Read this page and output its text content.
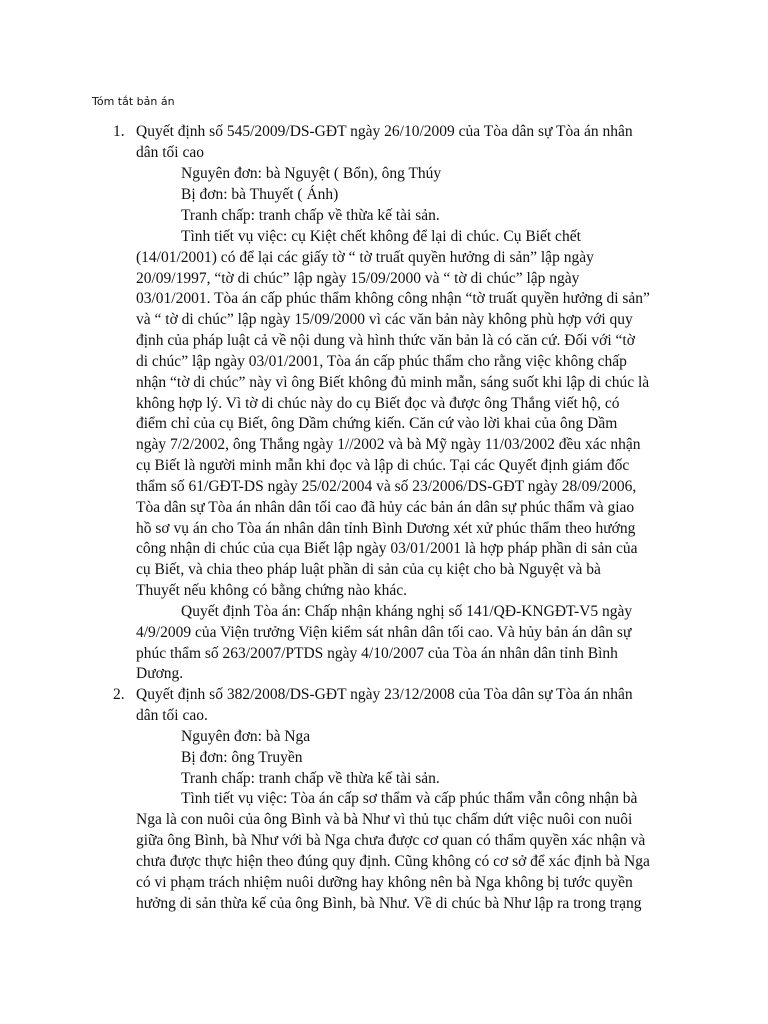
Tóm tắt bản án
1. Quyết định số 545/2009/DS-GĐT ngày 26/10/2009 của Tòa dân sự Tòa án nhân
dân tối cao
Nguyên đơn: bà Nguyệt ( Bổn), ông Thúy
Bị đơn: bà Thuyết ( Ánh)
Tranh chấp: tranh chấp về thừa kế tài sản.
Tình tiết vụ việc: cụ Kiệt chết không để lại di chúc. Cụ Biết chết
(14/01/2001) có để lại các giấy tờ “ tờ truất quyền hưởng di sản” lập ngày
20/09/1997, “tờ di chúc” lập ngày 15/09/2000 và “ tờ di chúc” lập ngày
03/01/2001. Tòa án cấp phúc thẩm không công nhận “tờ truất quyền hưởng di sản”
và “ tờ di chúc” lập ngày 15/09/2000 vì các văn bản này không phù hợp với quy
định của pháp luật cả về nội dung và hình thức văn bản là có căn cứ. Đối với “tờ
di chúc” lập ngày 03/01/2001, Tòa án cấp phúc thẩm cho rằng việc không chấp
nhận “tờ di chúc” này vì ông Biết không đủ minh mẫn, sáng suốt khi lập di chúc là
không hợp lý. Vì tờ di chúc này do cụ Biết đọc và được ông Thắng viết hộ, có
điểm chỉ của cụ Biết, ông Dầm chứng kiến. Căn cứ vào lời khai của ông Dầm
ngày 7/2/2002, ông Thắng ngày 1//2002 và bà Mỹ ngày 11/03/2002 đều xác nhận
cụ Biết là người minh mẫn khi đọc và lập di chúc. Tại các Quyết định giám đốc
thẩm số 61/GĐT-DS ngày 25/02/2004 và số 23/2006/DS-GĐT ngày 28/09/2006,
Tòa dân sự Tòa án nhân dân tối cao đã hủy các bản án dân sự phúc thẩm và giao
hồ sơ vụ án cho Tòa án nhân dân tỉnh Bình Dương xét xử phúc thẩm theo hướng
công nhận di chúc của cụa Biết lập ngày 03/01/2001 là hợp pháp phần di sản của
cụ Biết, và chia theo pháp luật phần di sản của cụ kiệt cho bà Nguyệt và bà
Thuyết nếu không có bằng chứng nào khác.
Quyết định Tòa án: Chấp nhận kháng nghị số 141/QĐ-KNGĐT-V5 ngày
4/9/2009 của Viện trưởng Viện kiểm sát nhân dân tối cao. Và hủy bản án dân sự
phúc thẩm số 263/2007/PTDS ngày 4/10/2007 của Tòa án nhân dân tỉnh Bình
Dương.
2. Quyết định số 382/2008/DS-GĐT ngày 23/12/2008 của Tòa dân sự Tòa án nhân
dân tối cao.
Nguyên đơn: bà Nga
Bị đơn: ông Truyền
Tranh chấp: tranh chấp về thừa kế tài sản.
Tình tiết vụ việc: Tòa án cấp sơ thẩm và cấp phúc thẩm vẫn công nhận bà
Nga là con nuôi của ông Bình và bà Như vì thủ tục chấm dứt việc nuôi con nuôi
giữa ông Bình, bà Như với bà Nga chưa được cơ quan có thẩm quyền xác nhận và
chưa được thực hiện theo đúng quy định. Cũng không có cơ sở để xác định bà Nga
có vi phạm trách nhiệm nuôi dưỡng hay không nên bà Nga không bị tước quyền
hưởng di sản thừa kế của ông Bình, bà Như. Về di chúc bà Như lập ra trong trạng
